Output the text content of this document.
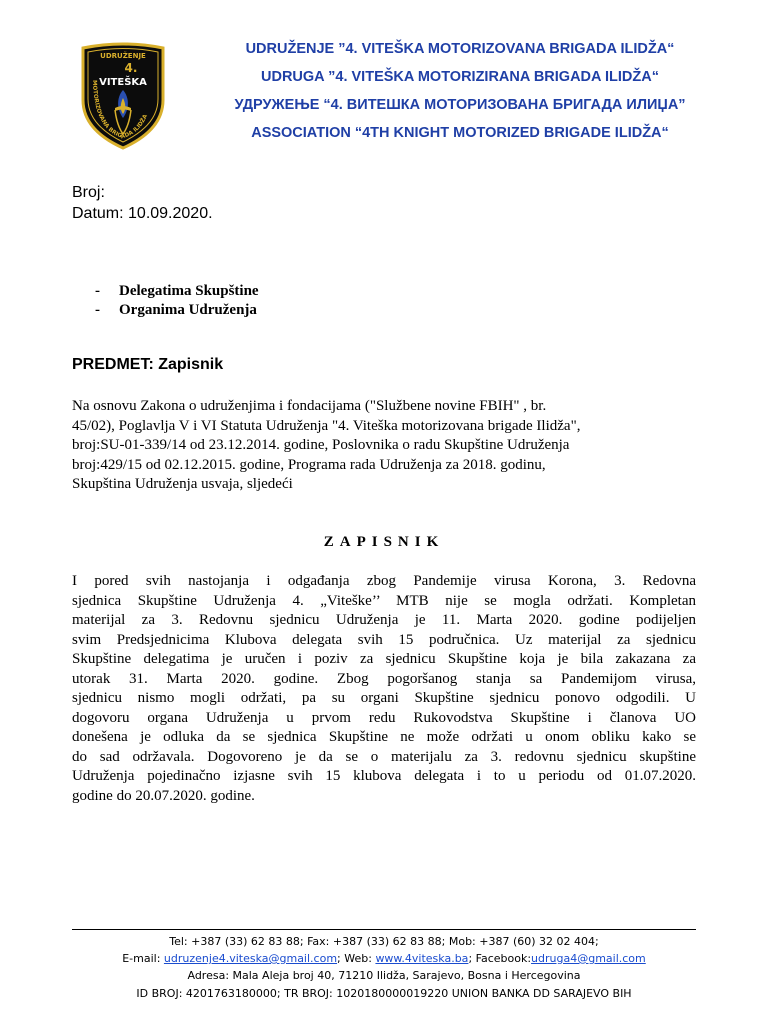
UDRUŽENJE
4.
VITEŠKA
MOTORIZOVANA BRIGADA ILIDŽA
UDRUŽENJE ”4. VITEŠKA MOTORIZOVANA BRIGADA ILIDŽA“
UDRUGA ”4. VITEŠKA MOTORIZIRANA BRIGADA ILIDŽA“
УДРУЖЕЊЕ “4. ВИТЕШКА МОТОРИЗОВАНА БРИГАДА ИЛИЏА”
ASSOCIATION “4TH KNIGHT MOTORIZED BRIGADE ILIDŽA“
Broj:
Datum: 10.09.2020.
-	Delegatima Skupštine
-	Organima Udruženja
PREDMET: Zapisnik
Na osnovu Zakona o udruženjima i fondacijama ("Službene novine FBIH" , br.
45/02), Poglavlja V i VI Statuta Udruženja "4. Viteška motorizovana brigade Ilidža",
broj:SU-01-339/14 od 23.12.2014. godine, Poslovnika o radu Skupštine Udruženja
broj:429/15 od 02.12.2015. godine, Programa rada Udruženja za 2018. godinu,
Skupština Udruženja usvaja, sljedeći
ZAPISNIK
I pored svih nastojanja i odgađanja zbog Pandemije virusa Korona, 3. Redovna
sjednica Skupštine Udruženja 4. „Viteške’’ MTB nije se mogla održati. Kompletan
materijal za 3. Redovnu sjednicu Udruženja je 11. Marta 2020. godine podijeljen
svim Predsjednicima Klubova delegata svih 15 područnica. Uz materijal za sjednicu
Skupštine delegatima je uručen i poziv za sjednicu Skupštine koja je bila zakazana za
utorak 31. Marta 2020. godine. Zbog pogoršanog stanja sa Pandemijom virusa,
sjednicu nismo mogli održati, pa su organi Skupštine sjednicu ponovo odgodili. U
dogovoru organa Udruženja u prvom redu Rukovodstva Skupštine i članova UO
donešena je odluka da se sjednica Skupštine ne može održati u onom obliku kako se
do sad održavala. Dogovoreno je da se o materijalu za 3. redovnu sjednicu skupštine
Udruženja pojedinačno izjasne svih 15 klubova delegata i to u periodu od 01.07.2020.
godine do 20.07.2020. godine.
Tel: +387 (33) 62 83 88; Fax: +387 (33) 62 83 88; Mob: +387 (60) 32 02 404;
E-mail: udruzenje4.viteska@gmail.com; Web: www.4viteska.ba; Facebook:udruga4@gmail.com
Adresa: Mala Aleja broj 40, 71210 Ilidža, Sarajevo, Bosna i Hercegovina
ID BROJ: 4201763180000; TR BROJ: 1020180000019220 UNION BANKA DD SARAJEVO BIH
